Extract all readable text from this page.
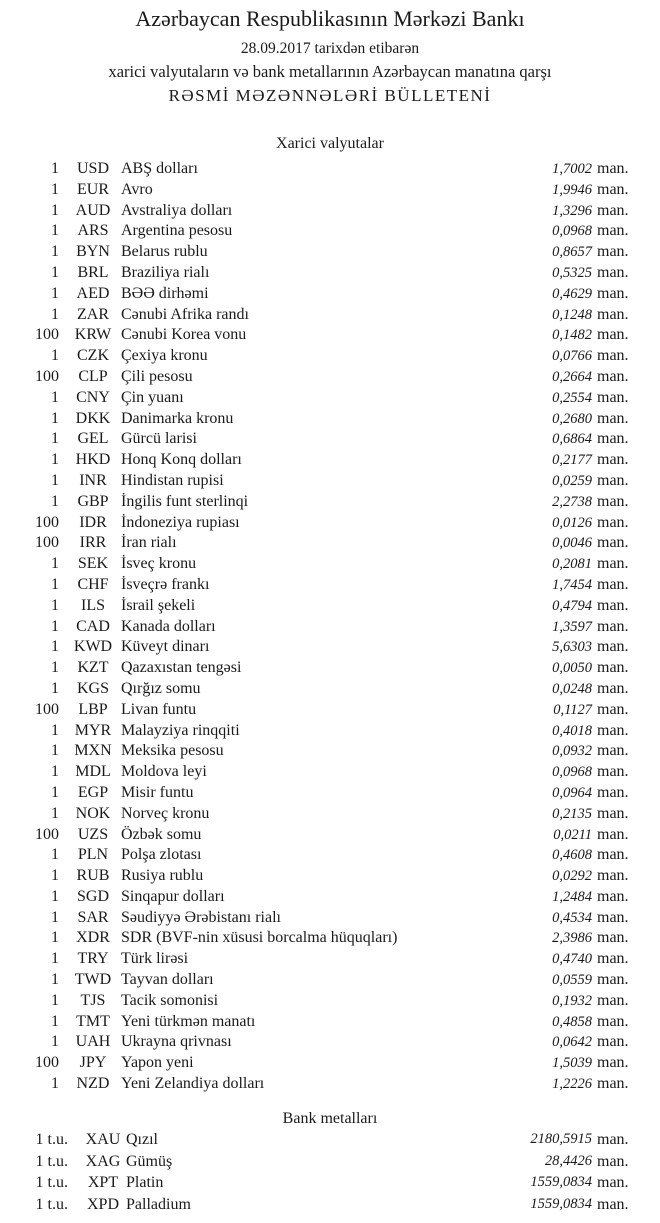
Azərbaycan Respublikasının Mərkəzi Bankı
28.09.2017 tarixdən etibarən
xarici valyutaların və bank metallarının Azərbaycan manatına qarşı
RƏSMİ MƏZƏNNƏLƏRİ BÜLLETENİ
Xarici valyutalar
1	USD ABŞ dolları	1,7002 man.
1	EUR Avro	1,9946 man.
1	AUD Avstraliya dolları	1,3296 man.
1	ARS Argentina pesosu	0,0968 man.
1	BYN Belarus rublu	0,8657 man.
1	BRL Braziliya rialı	0,5325 man.
1	AED BƏƏ dirhəmi	0,4629 man.
1	ZAR Cənubi Afrika randı	0,1248 man.
100 KRW Cənubi Korea vonu	0,1482 man.
1	CZK Çexiya kronu	0,0766 man.
100	CLP Çili pesosu	0,2664 man.
1	CNY Çin yuanı	0,2554 man.
1	DKK Danimarka kronu	0,2680 man.
1	GEL Gürcü larisi	0,6864 man.
1	HKD Honq Konq dolları	0,2177 man.
1	INR Hindistan rupisi	0,0259 man.
1	GBP İngilis funt sterlinqi	2,2738 man.
100	IDR İndoneziya rupiası	0,0126 man.
100	IRR İran rialı	0,0046 man.
1	SEK İsveç kronu	0,2081 man.
1	CHF İsveçrə frankı	1,7454 man.
1	ILS	İsrail şekeli	0,4794 man.
1	CAD Kanada dolları	1,3597 man.
1 KWD Küveyt dinarı	5,6303 man.
1	KZT Qazaxıstan tengəsi	0,0050 man.
1	KGS Qırğız somu	0,0248 man.
100	LBP Livan funtu	0,1127 man.
1 MYR Malayziya rinqqiti	0,4018 man.
1 MXN Meksika pesosu	0,0932 man.
1	MDL Moldova leyi	0,0968 man.
1	EGP Misir funtu	0,0964 man.
1	NOK Norveç kronu	0,2135 man.
100	UZS Özbək somu	0,0211 man.
1	PLN Polşa zlotası	0,4608 man.
1	RUB Rusiya rublu	0,0292 man.
1	SGD Sinqapur dolları	1,2484 man.
1	SAR Səudiyyə Ərəbistanı rialı	0,4534 man.
1	XDR SDR (BVF-nin xüsusi borcalma hüquqları)	2,3986 man.
1	TRY Türk lirəsi	0,4740 man.
1 TWD Tayvan dolları	0,0559 man.
1	TJS Tacik somonisi	0,1932 man.
1	TMT Yeni türkmən manatı	0,4858 man.
1	UAH Ukrayna qrivnası	0,0642 man.
100	JPY Yapon yeni	1,5039 man.
1	NZD Yeni Zelandiya dolları	1,2226 man.
Bank metalları
1 t.u.	XAU Qızıl	2180,5915 man.
1 t.u.	XAG Gümüş	28,4426 man.
1 t.u.	XPT Platin	1559,0834 man.
1 t.u.	XPD Palladium	1559,0834 man.
